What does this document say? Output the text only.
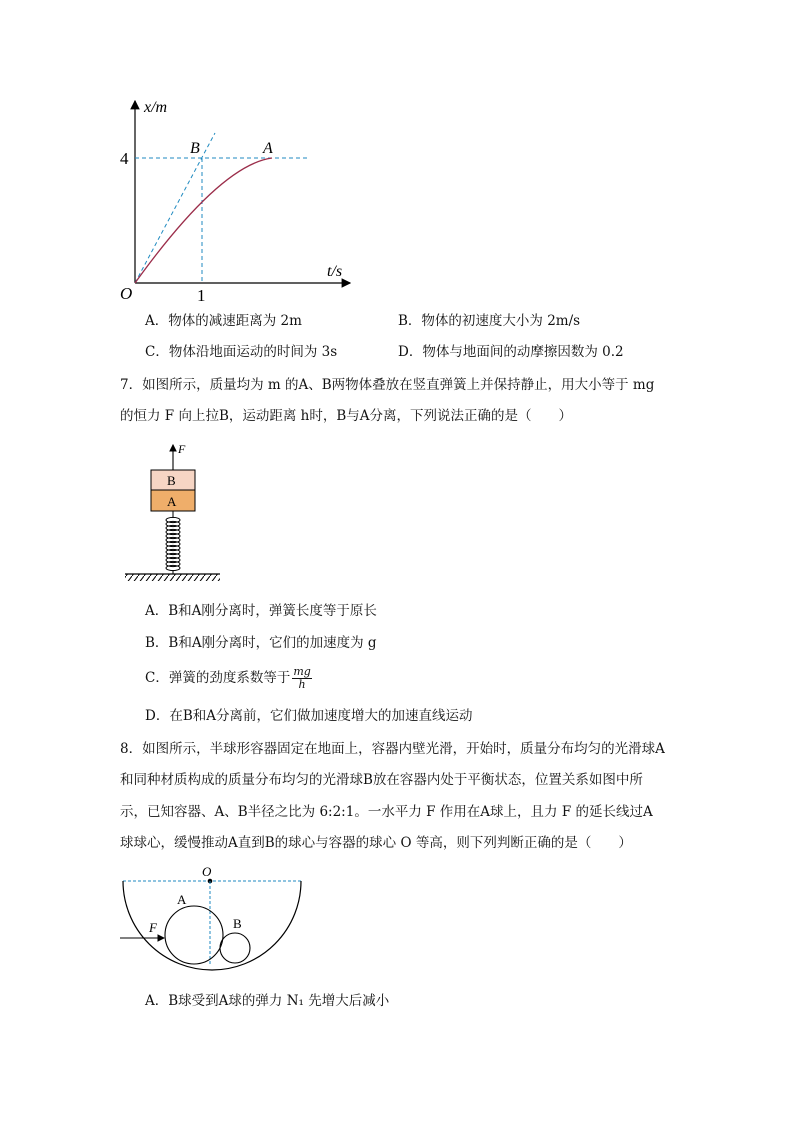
x/m
t/s
O
4
1
B	A
A．物体的减速距离为 2m	B．物体的初速度大小为 2m/s
C．物体沿地面运动的时间为 3s	D．物体与地面间的动摩擦因数为 0.2
7．如图所示，质量均为 m 的A、B两物体叠放在竖直弹簧上并保持静止，用大小等于 mg
的恒力 F 向上拉B，运动距离 h时，B与A分离，下列说法正确的是（　　）
F
B
A
A．B和A刚分离时，弹簧长度等于原长
B．B和A刚分离时，它们的加速度为 g
C．弹簧的劲度系数等于 $\frac{mg}{h}$
D．在B和A分离前，它们做加速度增大的加速直线运动
8．如图所示，半球形容器固定在地面上，容器内壁光滑，开始时，质量分布均匀的光滑球A
和同种材质构成的质量分布均匀的光滑球B放在容器内处于平衡状态，位置关系如图中所
示，已知容器、A、B半径之比为 6:2:1。一水平力 F 作用在A球上，且力 F 的延长线过A
球球心，缓慢推动A直到B的球心与容器的球心 O 等高，则下列判断正确的是（　　）
O
A
B
F
A．B球受到A球的弹力 N₁ 先增大后减小
